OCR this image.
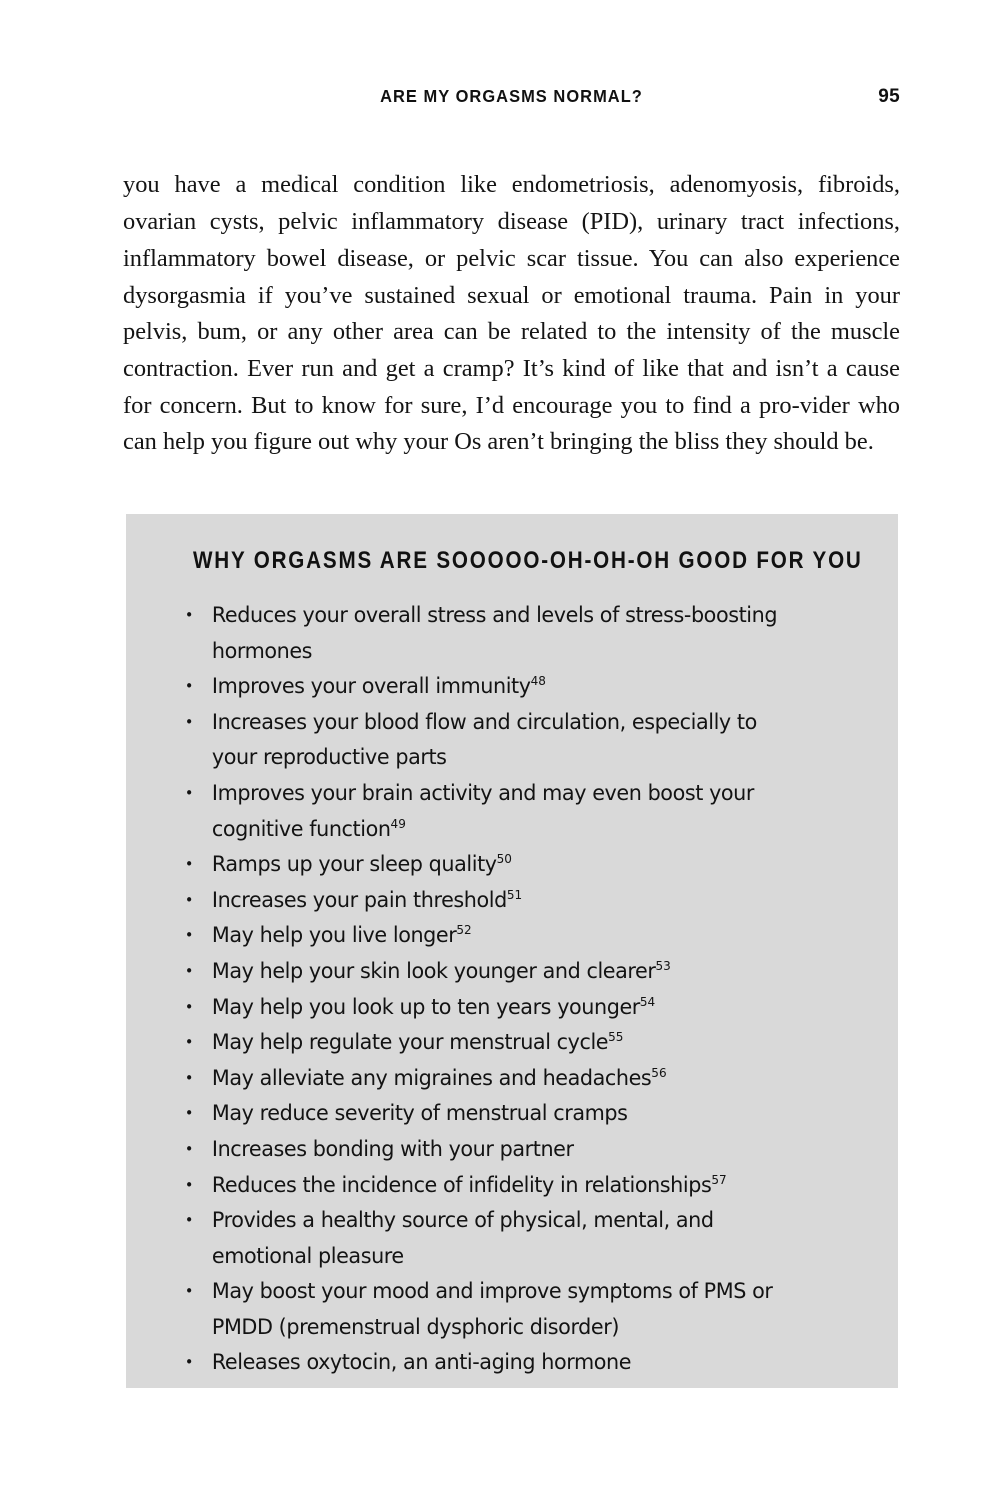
ARE MY ORGASMS NORMAL?	95

you have a medical condition like endometriosis, adenomyosis, fibroids, ovarian cysts, pelvic inflammatory disease (PID), urinary tract infections, inflammatory bowel disease, or pelvic scar tissue. You can also experience dysorgasmia if you’ve sustained sexual or emotional trauma. Pain in your pelvis, bum, or any other area can be related to the intensity of the muscle contraction. Ever run and get a cramp? It’s kind of like that and isn’t a cause for concern. But to know for sure, I’d encourage you to find a pro-vider who can help you figure out why your Os aren’t bringing the bliss they should be.

WHY ORGASMS ARE SOOOOO-OH-OH-OH GOOD FOR YOU
• Reduces your overall stress and levels of stress-boosting hormones
• Improves your overall immunity$^{48}$
• Increases your blood flow and circulation, especially to your reproductive parts
• Improves your brain activity and may even boost your cognitive function$^{49}$
• Ramps up your sleep quality$^{50}$
• Increases your pain threshold$^{51}$
• May help you live longer$^{52}$
• May help your skin look younger and clearer$^{53}$
• May help you look up to ten years younger$^{54}$
• May help regulate your menstrual cycle$^{55}$
• May alleviate any migraines and headaches$^{56}$
• May reduce severity of menstrual cramps
• Increases bonding with your partner
• Reduces the incidence of infidelity in relationships$^{57}$
• Provides a healthy source of physical, mental, and emotional pleasure
• May boost your mood and improve symptoms of PMS or PMDD (premenstrual dysphoric disorder)
• Releases oxytocin, an anti-aging hormone
